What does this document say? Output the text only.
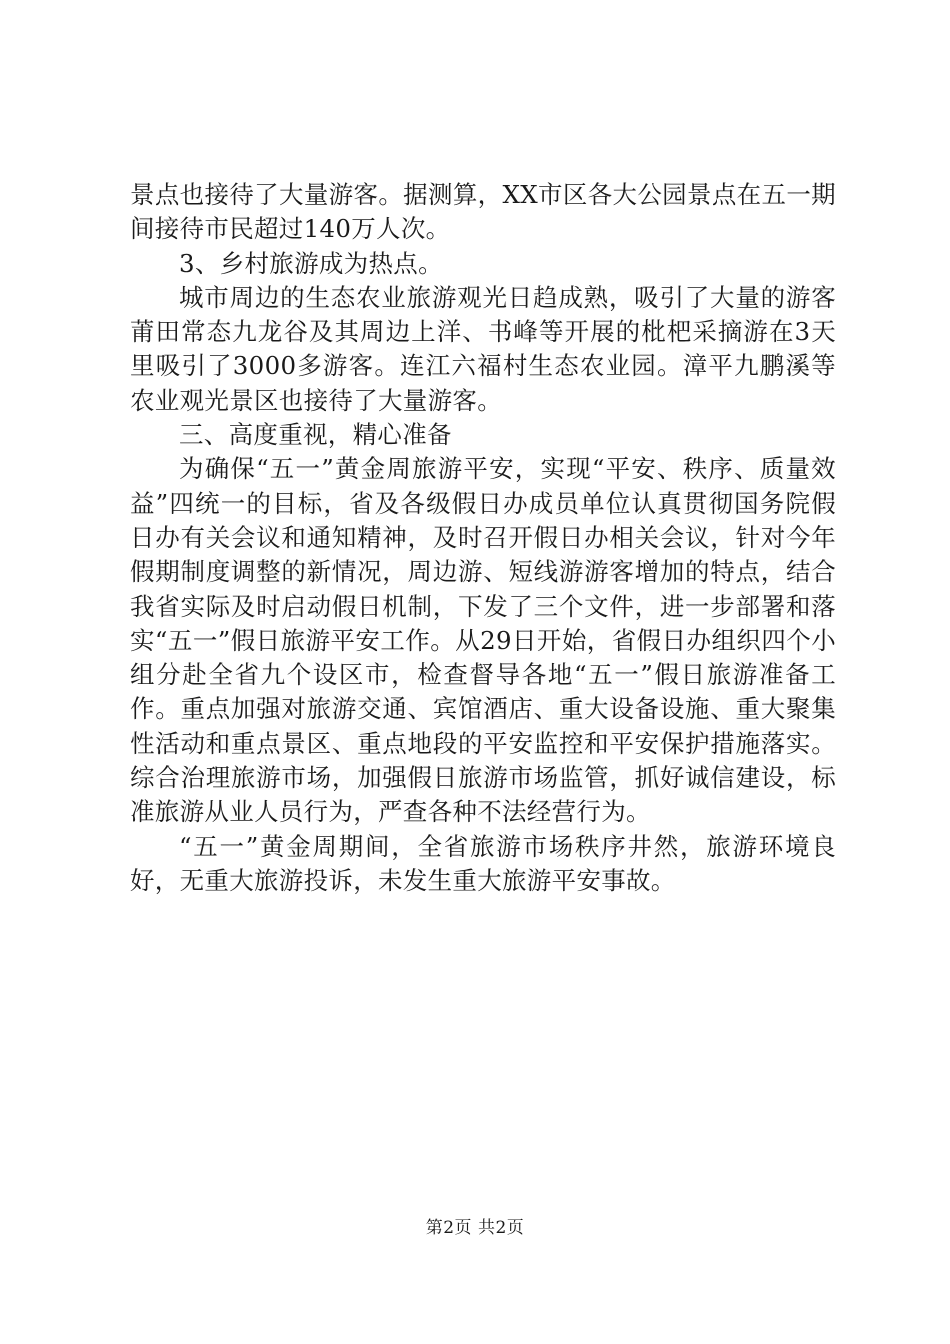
景点也接待了大量游客。据测算，XX市区各大公园景点在五一期间接待市民超过140万人次。

3、乡村旅游成为热点。

城市周边的生态农业旅游观光日趋成熟，吸引了大量的游客莆田常态九龙谷及其周边上洋、书峰等开展的枇杷采摘游在3天里吸引了3000多游客。连江六福村生态农业园。漳平九鹏溪等农业观光景区也接待了大量游客。

三、高度重视，精心准备

为确保“五一”黄金周旅游平安，实现“平安、秩序、质量效益”四统一的目标，省及各级假日办成员单位认真贯彻国务院假日办有关会议和通知精神，及时召开假日办相关会议，针对今年假期制度调整的新情况，周边游、短线游游客增加的特点，结合我省实际及时启动假日机制，下发了三个文件，进一步部署和落实“五一”假日旅游平安工作。从29日开始，省假日办组织四个小组分赴全省九个设区市，检查督导各地“五一”假日旅游准备工作。重点加强对旅游交通、宾馆酒店、重大设备设施、重大聚集性活动和重点景区、重点地段的平安监控和平安保护措施落实。综合治理旅游市场，加强假日旅游市场监管，抓好诚信建设，标准旅游从业人员行为，严查各种不法经营行为。

“五一”黄金周期间，全省旅游市场秩序井然，旅游环境良好，无重大旅游投诉，未发生重大旅游平安事故。

第2页 共2页
